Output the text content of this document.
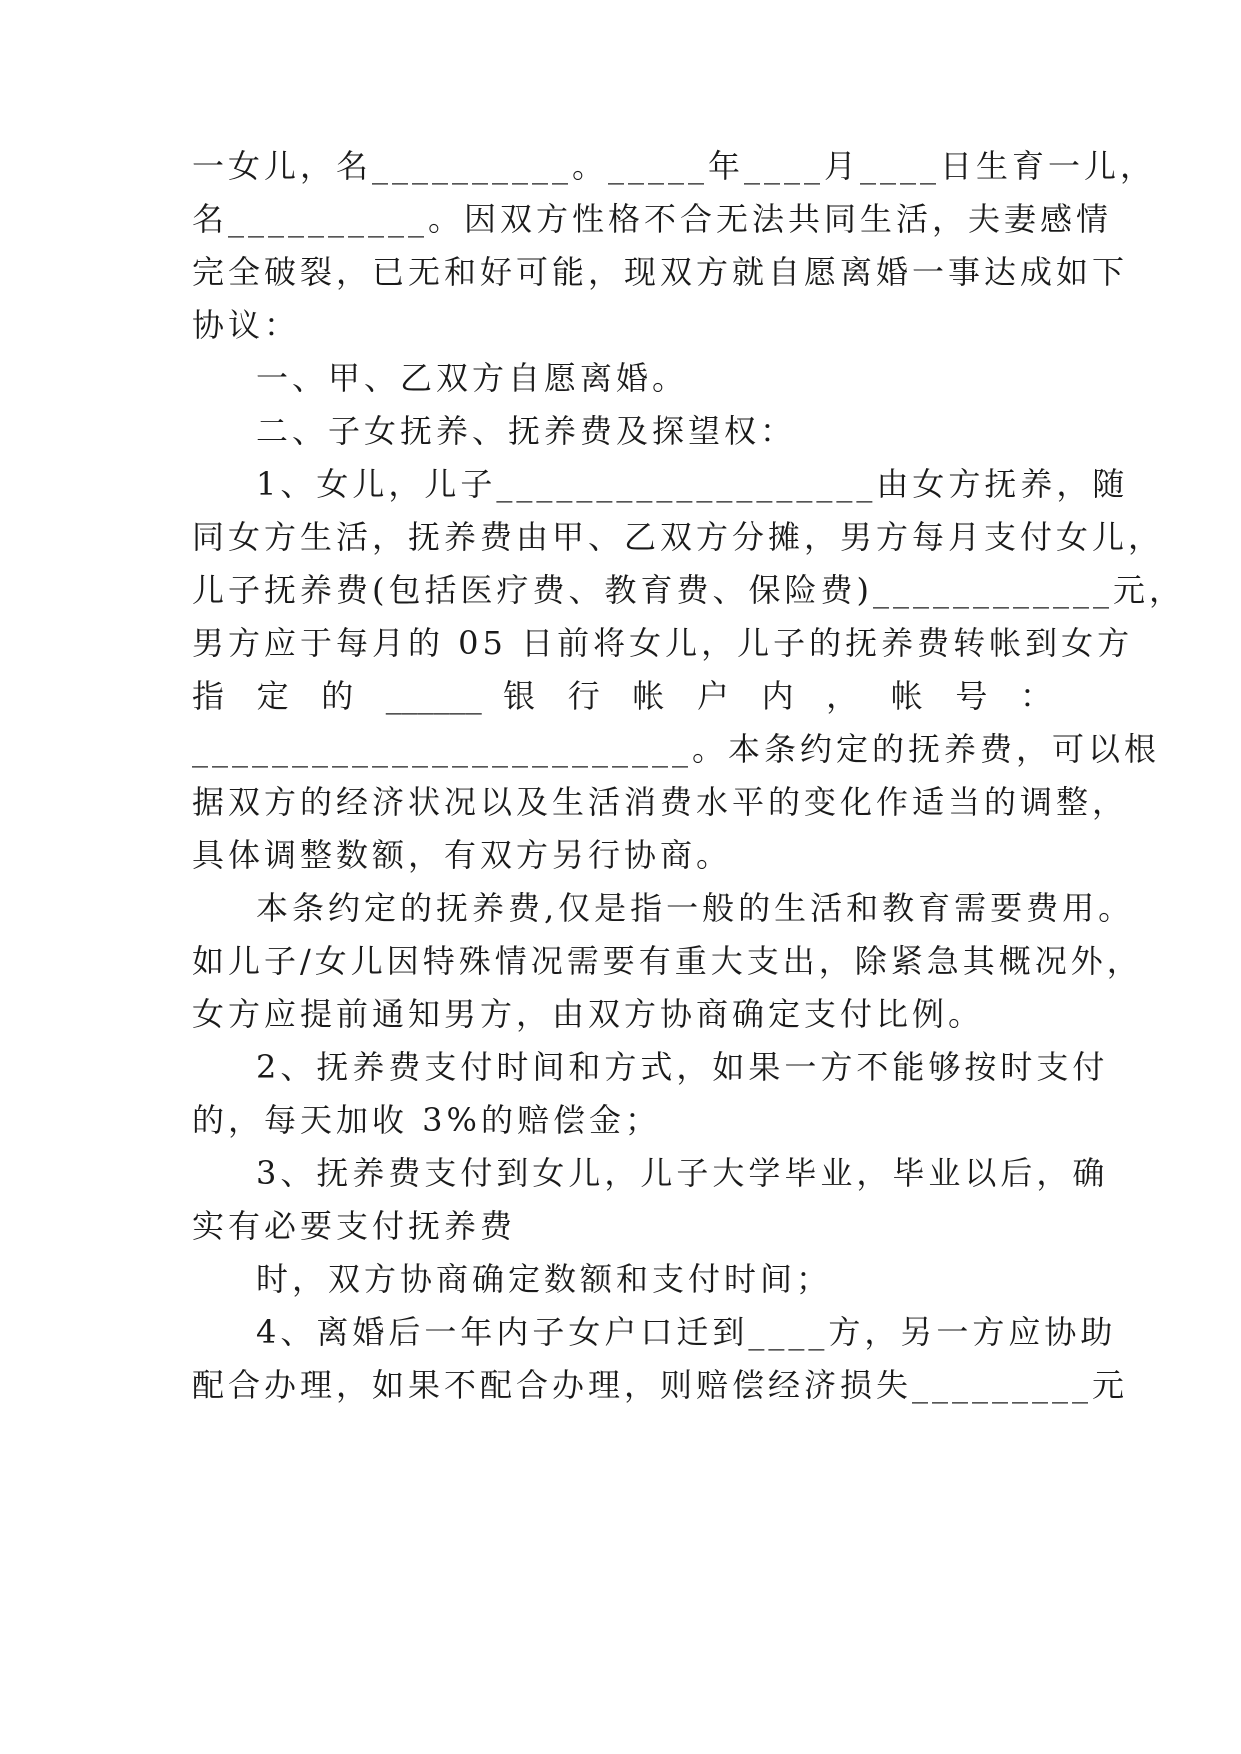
一女儿，名__________。_____年____月____日生育一儿，
名__________。因双方性格不合无法共同生活，夫妻感情
完全破裂，已无和好可能，现双方就自愿离婚一事达成如下
协议：
一、甲、乙双方自愿离婚。
二、子女抚养、抚养费及探望权：
1、女儿，儿子___________________由女方抚养，随
同女方生活，抚养费由甲、乙双方分摊，男方每月支付女儿，
儿子抚养费(包括医疗费、教育费、保险费)____________元，
男方应于每月的 05 日前将女儿，儿子的抚养费转帐到女方
指 定 的 ______ 银 行 帐 户 内 ， 帐 号 ：
_________________________。本条约定的抚养费，可以根
据双方的经济状况以及生活消费水平的变化作适当的调整，
具体调整数额，有双方另行协商。
本条约定的抚养费,仅是指一般的生活和教育需要费用。
如儿子/女儿因特殊情况需要有重大支出，除紧急其概况外，
女方应提前通知男方，由双方协商确定支付比例。
2、抚养费支付时间和方式，如果一方不能够按时支付
的，每天加收 3%的赔偿金；
3、抚养费支付到女儿，儿子大学毕业，毕业以后，确
实有必要支付抚养费
时，双方协商确定数额和支付时间；
4、离婚后一年内子女户口迁到____方，另一方应协助
配合办理，如果不配合办理，则赔偿经济损失_________元
